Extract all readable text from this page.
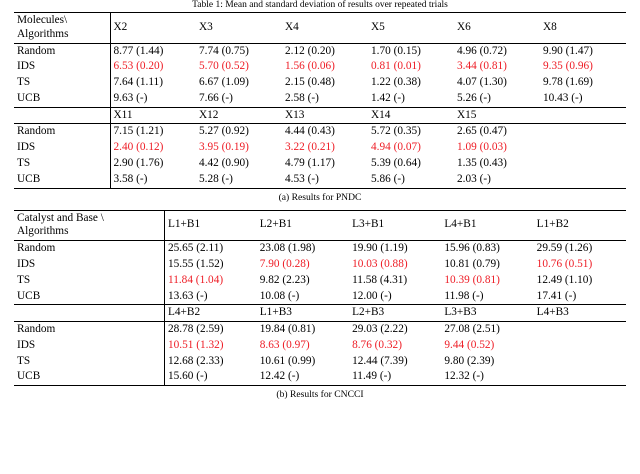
Table 1: Mean and standard deviation of results over repeated trials
Molecules\
Algorithms	X2	X3	X4	X5	X6	X8
Random	8.77 (1.44)	7.74 (0.75)	2.12 (0.20)	1.70 (0.15)	4.96 (0.72)	9.90 (1.47)
IDS	6.53 (0.20)	5.70 (0.52)	1.56 (0.06)	0.81 (0.01)	3.44 (0.81)	9.35 (0.96)
TS	7.64 (1.11)	6.67 (1.09)	2.15 (0.48)	1.22 (0.38)	4.07 (1.30)	9.78 (1.69)
UCB	9.63 (-)	7.66 (-)	2.58 (-)	1.42 (-)	5.26 (-)	10.43 (-)
	X11	X12	X13	X14	X15	
Random	7.15 (1.21)	5.27 (0.92)	4.44 (0.43)	5.72 (0.35)	2.65 (0.47)	
IDS	2.40 (0.12)	3.95 (0.19)	3.22 (0.21)	4.94 (0.07)	1.09 (0.03)	
TS	2.90 (1.76)	4.42 (0.90)	4.79 (1.17)	5.39 (0.64)	1.35 (0.43)	
UCB	3.58 (-)	5.28 (-)	4.53 (-)	5.86 (-)	2.03 (-)	
(a) Results for PNDC
Catalyst and Base \
Algorithms	L1+B1	L2+B1	L3+B1	L4+B1	L1+B2
Random	25.65 (2.11)	23.08 (1.98)	19.90 (1.19)	15.96 (0.83)	29.59 (1.26)
IDS	15.55 (1.52)	7.90 (0.28)	10.03 (0.88)	10.81 (0.79)	10.76 (0.51)
TS	11.84 (1.04)	9.82 (2.23)	11.58 (4.31)	10.39 (0.81)	12.49 (1.10)
UCB	13.63 (-)	10.08 (-)	12.00 (-)	11.98 (-)	17.41 (-)
	L4+B2	L1+B3	L2+B3	L3+B3	L4+B3
Random	28.78 (2.59)	19.84 (0.81)	29.03 (2.22)	27.08 (2.51)	
IDS	10.51 (1.32)	8.63 (0.97)	8.76 (0.32)	9.44 (0.52)	
TS	12.68 (2.33)	10.61 (0.99)	12.44 (7.39)	9.80 (2.39)	
UCB	15.60 (-)	12.42 (-)	11.49 (-)	12.32 (-)	
(b) Results for CNCCI
